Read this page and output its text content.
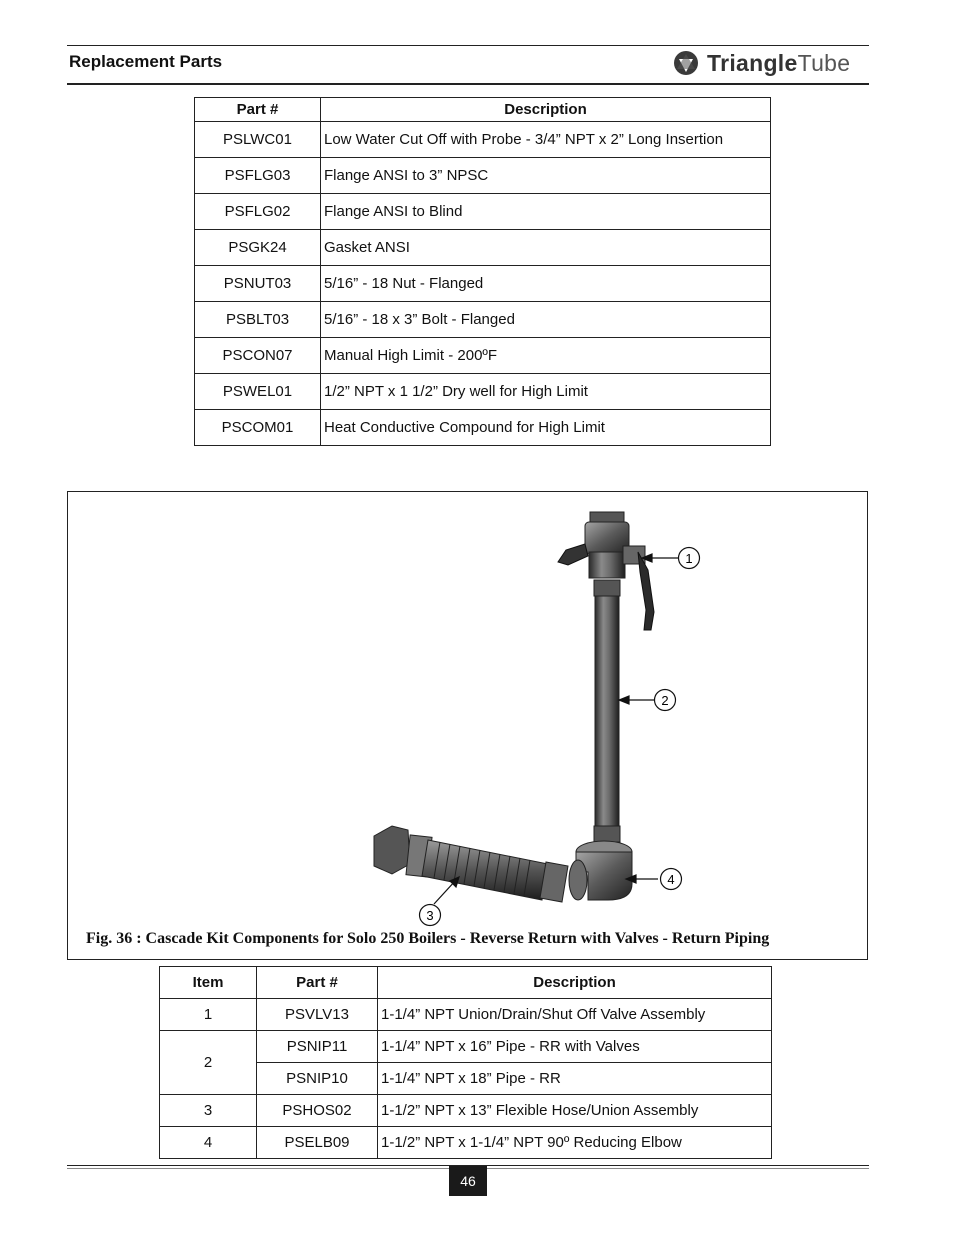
Replacement Parts	TriangleTube
Part #	Description
PSLWC01	Low Water Cut Off with Probe - 3/4” NPT x 2” Long Insertion
PSFLG03	Flange ANSI to 3” NPSC
PSFLG02	Flange ANSI to Blind
PSGK24	Gasket ANSI
PSNUT03	5/16” - 18 Nut - Flanged
PSBLT03	5/16” - 18 x 3” Bolt - Flanged
PSCON07	Manual High Limit - 200ºF
PSWEL01	1/2” NPT x 1 1/2” Dry well for High Limit
PSCOM01	Heat Conductive Compound for High Limit
1
2
3
4
Fig. 36 : Cascade Kit Components for Solo 250 Boilers - Reverse Return with Valves - Return Piping
Item	Part #	Description
1	PSVLV13	1-1/4” NPT Union/Drain/Shut Off Valve Assembly
2	PSNIP11	1-1/4” NPT x 16” Pipe - RR with Valves
	PSNIP10	1-1/4” NPT x 18” Pipe - RR
3	PSHOS02	1-1/2” NPT x 13” Flexible Hose/Union Assembly
4	PSELB09	1-1/2” NPT x 1-1/4” NPT 90º Reducing Elbow
46
